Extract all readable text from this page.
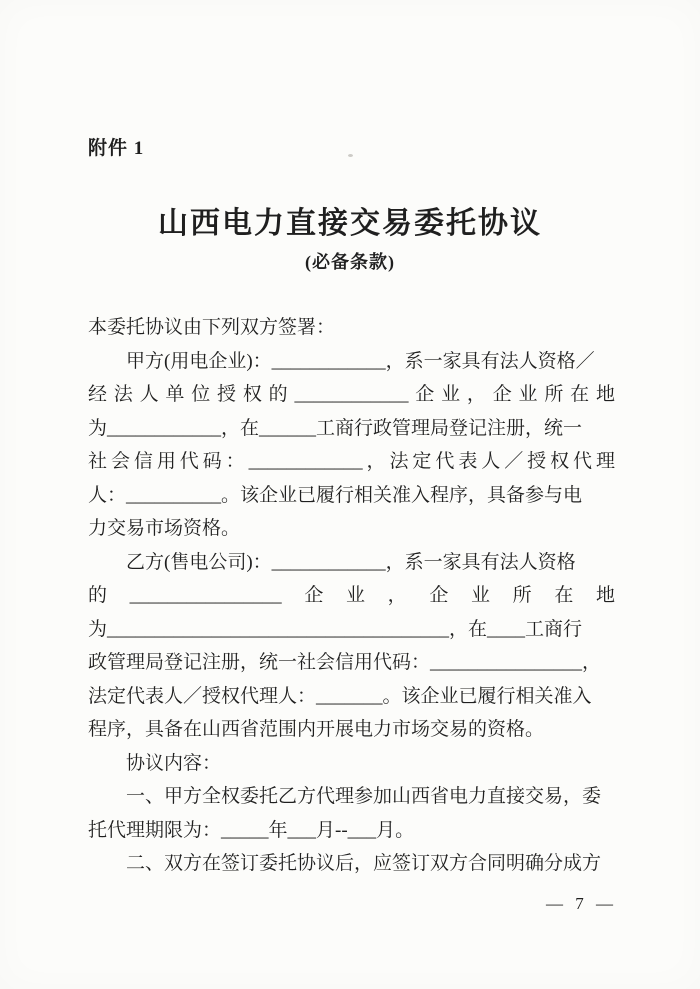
附件 1
山西电力直接交易委托协议
(必备条款)
本委托协议由下列双方签署：
　　甲方(用电企业)：____________，系一家具有法人资格／
经法人单位授权的____________企业，企业所在地
为____________，在______工商行政管理局登记注册，统一
社会信用代码：____________，法定代表人／授权代理
人：__________。该企业已履行相关准入程序，具备参与电
力交易市场资格。
　　乙方(售电公司)：____________，系一家具有法人资格
的________________企业，企业所在地
为____________________________________，在____工商行
政管理局登记注册，统一社会信用代码：________________，
法定代表人／授权代理人：_______。该企业已履行相关准入
程序，具备在山西省范围内开展电力市场交易的资格。
　　协议内容：
　　一、甲方全权委托乙方代理参加山西省电力直接交易，委
托代理期限为：_____年___月--___月。
　　二、双方在签订委托协议后，应签订双方合同明确分成方
— 7 —
